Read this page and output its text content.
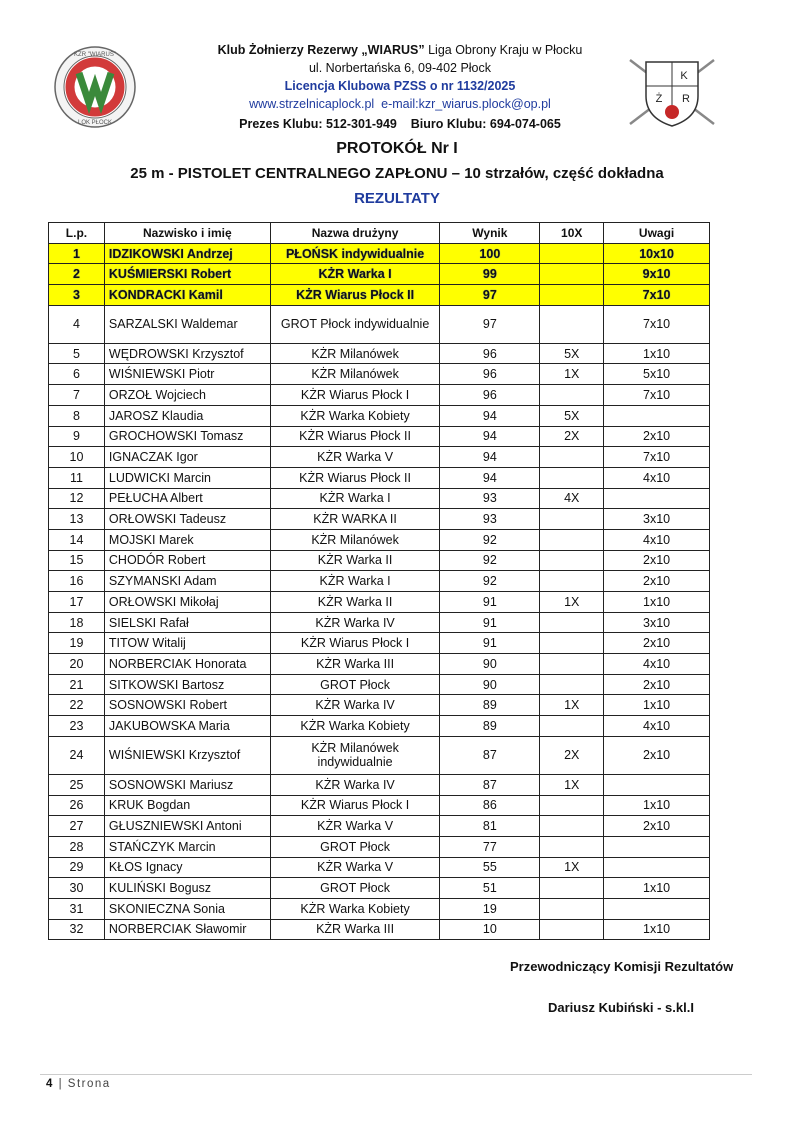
KZR "WIARUS"
LOK PŁOCK
K
Ż R
Klub Żołnierzy Rezerwy „WIARUS” Liga Obrony Kraju w Płocku
ul. Norbertańska 6, 09-402 Płock
Licencja Klubowa PZSS o nr 1132/2025
www.strzelnicaplock.pl e-mail:kzr_wiarus.plock@op.pl
Prezes Klubu: 512-301-949 Biuro Klubu: 694-074-065
PROTOKÓŁ Nr I
25 m - PISTOLET CENTRALNEGO ZAPŁONU – 10 strzałów, część dokładna
REZULTATY
L.p.	Nazwisko i imię	Nazwa drużyny	Wynik	10X	Uwagi
1	IDZIKOWSKI Andrzej	PŁOŃSK indywidualnie	100		10x10
2	KUŚMIERSKI Robert	KŻR Warka I	99		9x10
3	KONDRACKI Kamil	KŻR Wiarus Płock II	97		7x10
4	SARZALSKI Waldemar	GROT Płock indywidualnie	97		7x10
5	WĘDROWSKI Krzysztof	KŻR Milanówek	96	5X	1x10
6	WIŚNIEWSKI Piotr	KŻR Milanówek	96	1X	5x10
7	ORZOŁ Wojciech	KŻR Wiarus Płock I	96		7x10
8	JAROSZ Klaudia	KŻR Warka Kobiety	94	5X	
9	GROCHOWSKI Tomasz	KŻR Wiarus Płock II	94	2X	2x10
10	IGNACZAK Igor	KŻR Warka V	94		7x10
11	LUDWICKI Marcin	KŻR Wiarus Płock II	94		4x10
12	PEŁUCHA Albert	KŻR Warka I	93	4X	
13	ORŁOWSKI Tadeusz	KŻR WARKA II	93		3x10
14	MOJSKI Marek	KŻR Milanówek	92		4x10
15	CHODÓR Robert	KŻR Warka II	92		2x10
16	SZYMANSKI Adam	KŻR Warka I	92		2x10
17	ORŁOWSKI Mikołaj	KŻR Warka II	91	1X	1x10
18	SIELSKI Rafał	KŻR Warka IV	91		3x10
19	TITOW Witalij	KŻR Wiarus Płock I	91		2x10
20	NORBERCIAK Honorata	KŻR Warka III	90		4x10
21	SITKOWSKI Bartosz	GROT Płock	90		2x10
22	SOSNOWSKI Robert	KŻR Warka IV	89	1X	1x10
23	JAKUBOWSKA Maria	KŻR Warka Kobiety	89		4x10
24	WIŚNIEWSKI Krzysztof	KŻR Milanówek indywidualnie	87	2X	2x10
25	SOSNOWSKI Mariusz	KŻR Warka IV	87	1X	
26	KRUK Bogdan	KŻR Wiarus Płock I	86		1x10
27	GŁUSZNIEWSKI Antoni	KŻR Warka V	81		2x10
28	STAŃCZYK Marcin	GROT Płock	77		
29	KŁOS Ignacy	KŻR Warka V	55	1X	
30	KULIŃSKI Bogusz	GROT Płock	51		1x10
31	SKONIECZNA Sonia	KŻR Warka Kobiety	19		
32	NORBERCIAK Sławomir	KŻR Warka III	10		1x10
Przewodniczący Komisji Rezultatów
Dariusz Kubiński - s.kl.I
4 | Strona
